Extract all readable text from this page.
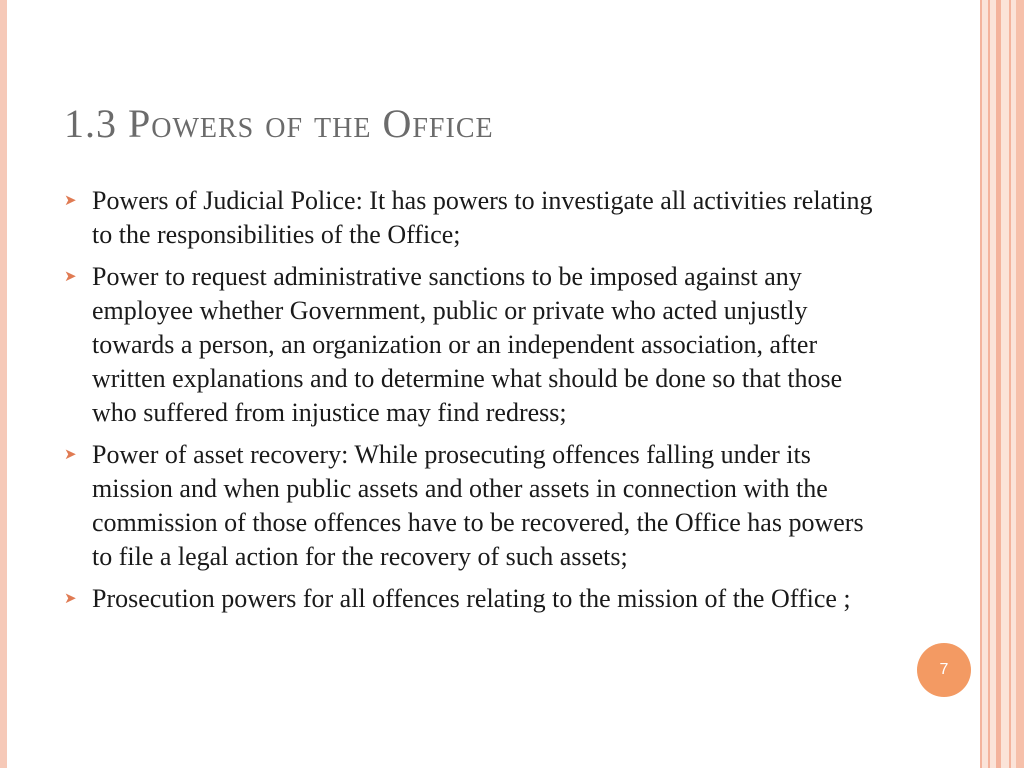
1.3 Powers of the Office
➤ Powers of Judicial Police: It has powers to investigate all activities relating to the responsibilities of the Office;
➤ Power to request administrative sanctions to be imposed against any employee whether Government, public or private who acted unjustly towards a person, an organization or an independent association, after written explanations and to determine what should be done so that those who suffered from injustice may find redress;
➤ Power of asset recovery: While prosecuting offences falling under its mission and when public assets and other assets in connection with the commission of those offences have to be recovered, the Office has powers to file a legal action for the recovery of such assets;
➤ Prosecution powers for all offences relating to the mission of the Office ;
7
